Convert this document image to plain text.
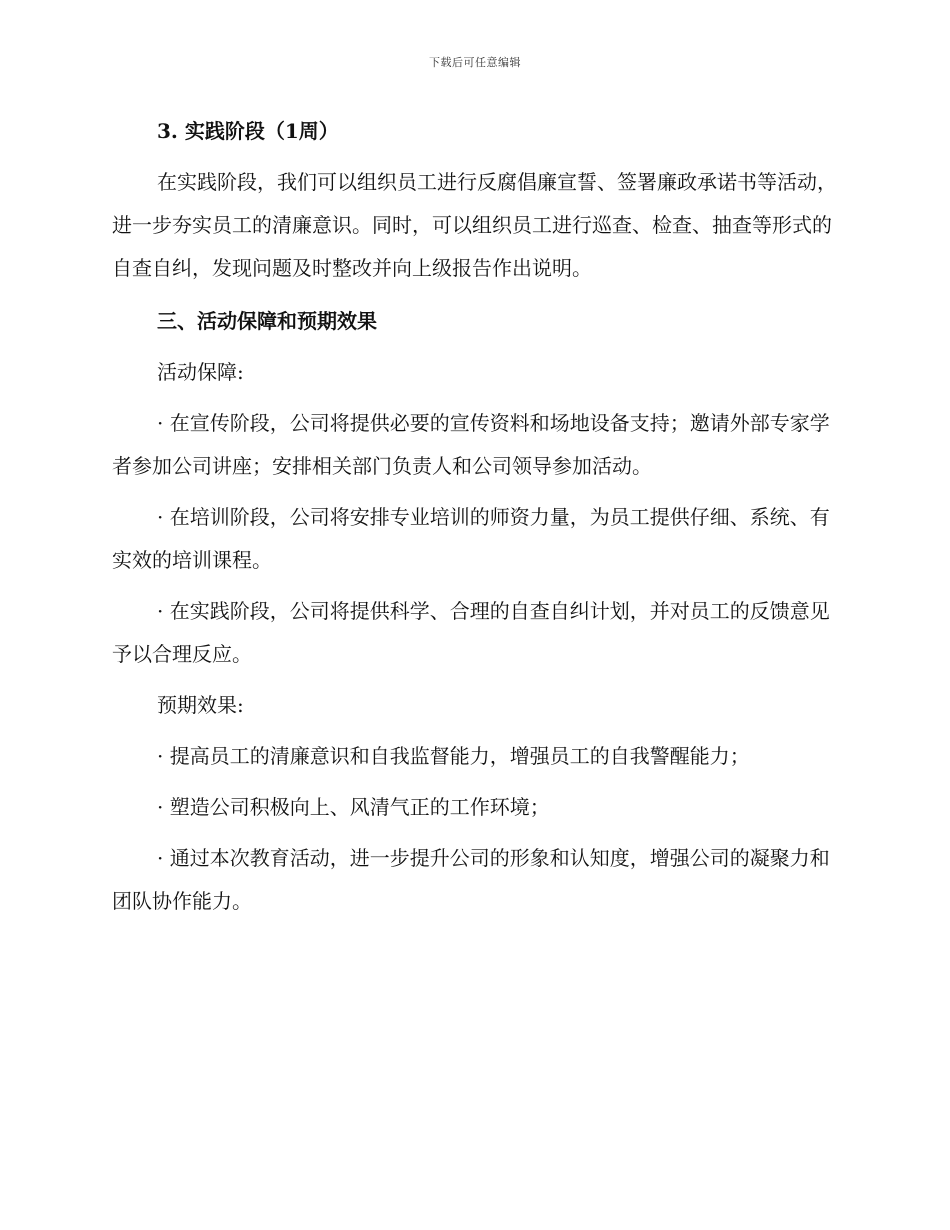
下载后可任意编辑

3. 实践阶段（1周）

在实践阶段，我们可以组织员工进行反腐倡廉宣誓、签署廉政承诺书等活动，进一步夯实员工的清廉意识。同时，可以组织员工进行巡查、检查、抽查等形式的自查自纠，发现问题及时整改并向上级报告作出说明。

三、活动保障和预期效果

活动保障:

· 在宣传阶段，公司将提供必要的宣传资料和场地设备支持；邀请外部专家学者参加公司讲座；安排相关部门负责人和公司领导参加活动。

· 在培训阶段，公司将安排专业培训的师资力量，为员工提供仔细、系统、有实效的培训课程。

· 在实践阶段，公司将提供科学、合理的自查自纠计划，并对员工的反馈意见予以合理反应。

预期效果:

· 提高员工的清廉意识和自我监督能力，增强员工的自我警醒能力；

· 塑造公司积极向上、风清气正的工作环境；

· 通过本次教育活动，进一步提升公司的形象和认知度，增强公司的凝聚力和团队协作能力。
